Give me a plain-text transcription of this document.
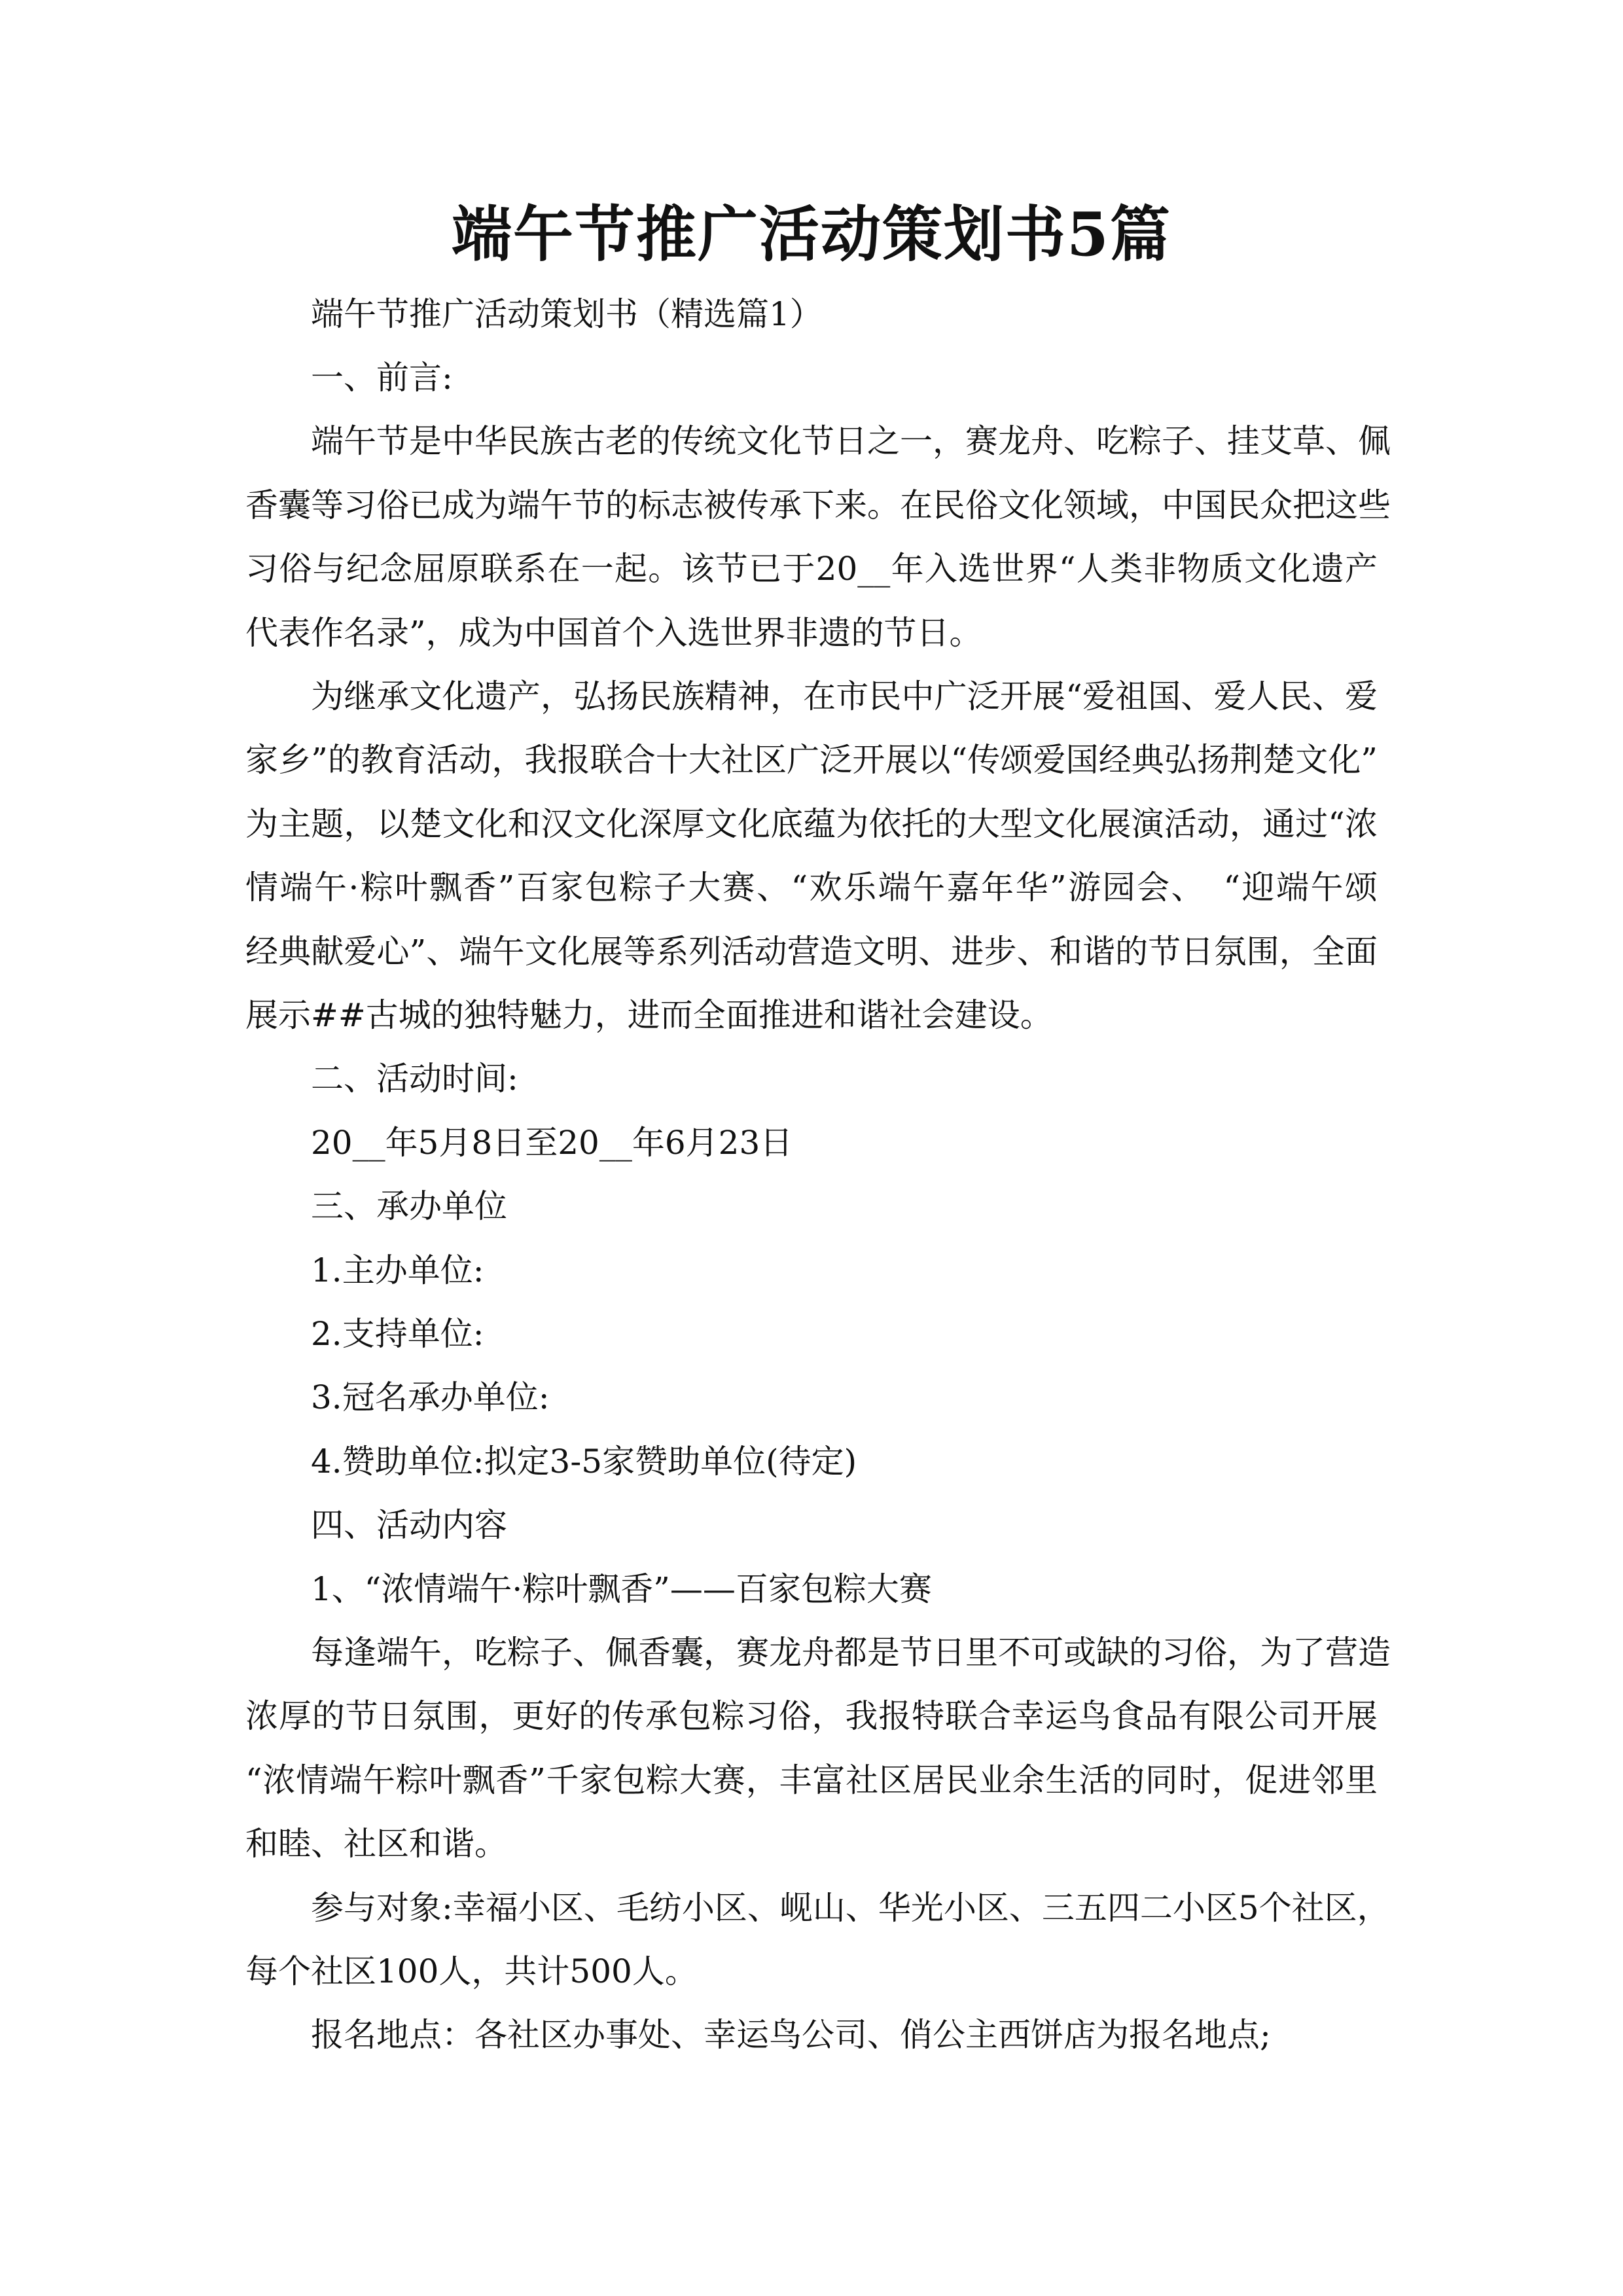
端午节推广活动策划书5篇
端午节推广活动策划书（精选篇1）
一、前言:
端午节是中华民族古老的传统文化节日之一，赛龙舟、吃粽子、挂艾草、佩
香囊等习俗已成为端午节的标志被传承下来。在民俗文化领域，中国民众把这些
习俗与纪念屈原联系在一起。该节已于20__年入选世界“人类非物质文化遗产
代表作名录”，成为中国首个入选世界非遗的节日。
为继承文化遗产，弘扬民族精神，在市民中广泛开展“爱祖国、爱人民、爱
家乡”的教育活动，我报联合十大社区广泛开展以“传颂爱国经典弘扬荆楚文化”
为主题，以楚文化和汉文化深厚文化底蕴为依托的大型文化展演活动，通过“浓
情端午·粽叶飘香”百家包粽子大赛、“欢乐端午嘉年华”游园会、　“迎端午颂
经典献爱心”、端午文化展等系列活动营造文明、进步、和谐的节日氛围，全面
展示##古城的独特魅力，进而全面推进和谐社会建设。
二、活动时间:
20__年5月8日至20__年6月23日
三、承办单位
1.主办单位:
2.支持单位:
3.冠名承办单位:
4.赞助单位:拟定3-5家赞助单位(待定)
四、活动内容
1、“浓情端午·粽叶飘香”——百家包粽大赛
每逢端午，吃粽子、佩香囊，赛龙舟都是节日里不可或缺的习俗，为了营造
浓厚的节日氛围，更好的传承包粽习俗，我报特联合幸运鸟食品有限公司开展
“浓情端午粽叶飘香”千家包粽大赛，丰富社区居民业余生活的同时，促进邻里
和睦、社区和谐。
参与对象:幸福小区、毛纺小区、岘山、华光小区、三五四二小区5个社区，
每个社区100人，共计500人。
报名地点：各社区办事处、幸运鸟公司、俏公主西饼店为报名地点;
